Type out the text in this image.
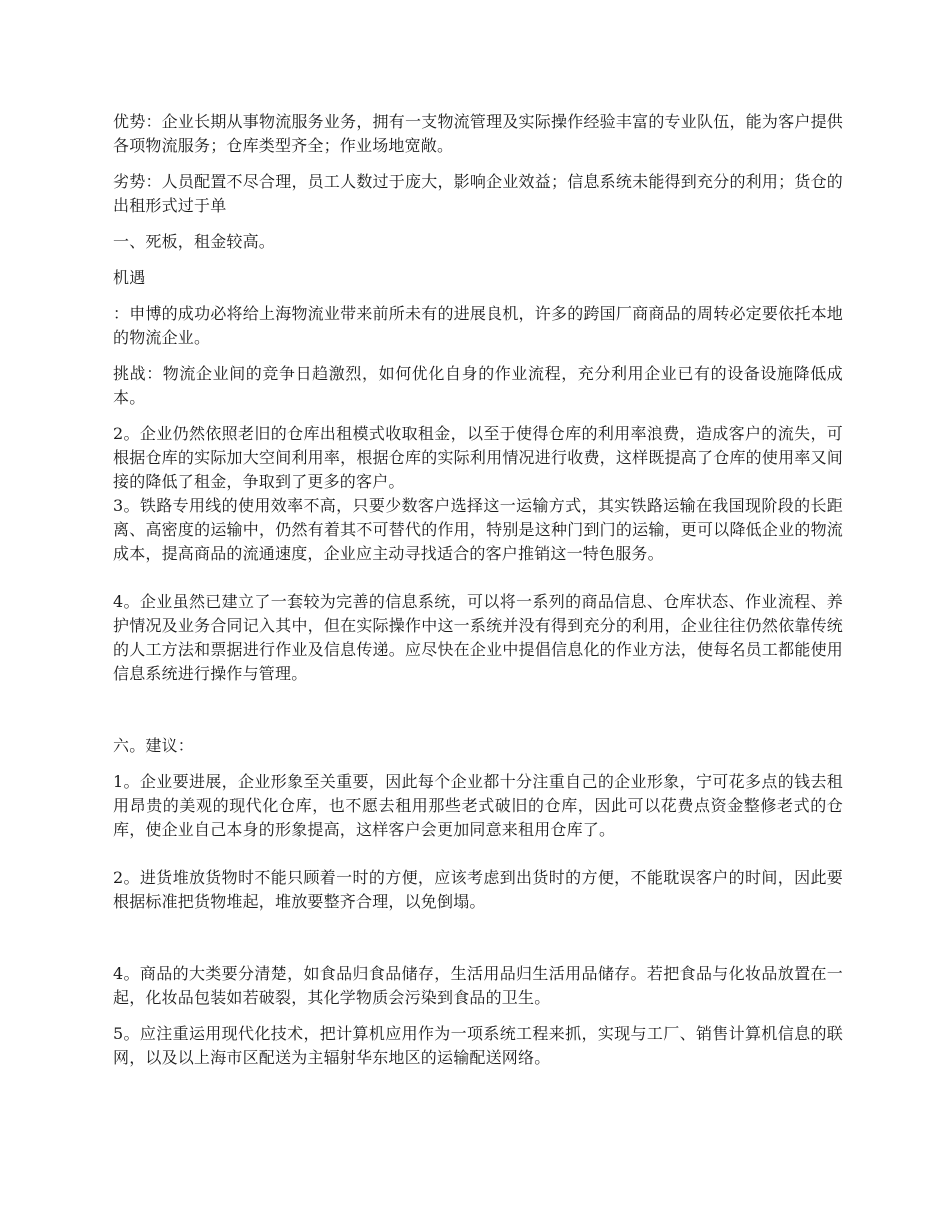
优势：企业长期从事物流服务业务，拥有一支物流管理及实际操作经验丰富的专业队伍，能为客户提供各项物流服务；仓库类型齐全；作业场地宽敞。

劣势：人员配置不尽合理，员工人数过于庞大，影响企业效益；信息系统未能得到充分的利用；货仓的出租形式过于单

一、死板，租金较高。

机遇

：申博的成功必将给上海物流业带来前所未有的进展良机，许多的跨国厂商商品的周转必定要依托本地的物流企业。

挑战：物流企业间的竞争日趋激烈，如何优化自身的作业流程，充分利用企业已有的设备设施降低成本。

2。企业仍然依照老旧的仓库出租模式收取租金，以至于使得仓库的利用率浪费，造成客户的流失，可根据仓库的实际加大空间利用率，根据仓库的实际利用情况进行收费，这样既提高了仓库的使用率又间接的降低了租金，争取到了更多的客户。

3。铁路专用线的使用效率不高，只要少数客户选择这一运输方式，其实铁路运输在我国现阶段的长距离、高密度的运输中，仍然有着其不可替代的作用，特别是这种门到门的运输，更可以降低企业的物流成本，提高商品的流通速度，企业应主动寻找适合的客户推销这一特色服务。

4。企业虽然已建立了一套较为完善的信息系统，可以将一系列的商品信息、仓库状态、作业流程、养护情况及业务合同记入其中，但在实际操作中这一系统并没有得到充分的利用，企业往往仍然依靠传统的人工方法和票据进行作业及信息传递。应尽快在企业中提倡信息化的作业方法，使每名员工都能使用信息系统进行操作与管理。

六。建议：

1。企业要进展，企业形象至关重要，因此每个企业都十分注重自己的企业形象，宁可花多点的钱去租用昂贵的美观的现代化仓库，也不愿去租用那些老式破旧的仓库，因此可以花费点资金整修老式的仓库，使企业自己本身的形象提高，这样客户会更加同意来租用仓库了。

2。进货堆放货物时不能只顾着一时的方便，应该考虑到出货时的方便，不能耽误客户的时间，因此要根据标准把货物堆起，堆放要整齐合理，以免倒塌。

4。商品的大类要分清楚，如食品归食品储存，生活用品归生活用品储存。若把食品与化妆品放置在一起，化妆品包装如若破裂，其化学物质会污染到食品的卫生。

5。应注重运用现代化技术，把计算机应用作为一项系统工程来抓，实现与工厂、销售计算机信息的联网，以及以上海市区配送为主辐射华东地区的运输配送网络。
